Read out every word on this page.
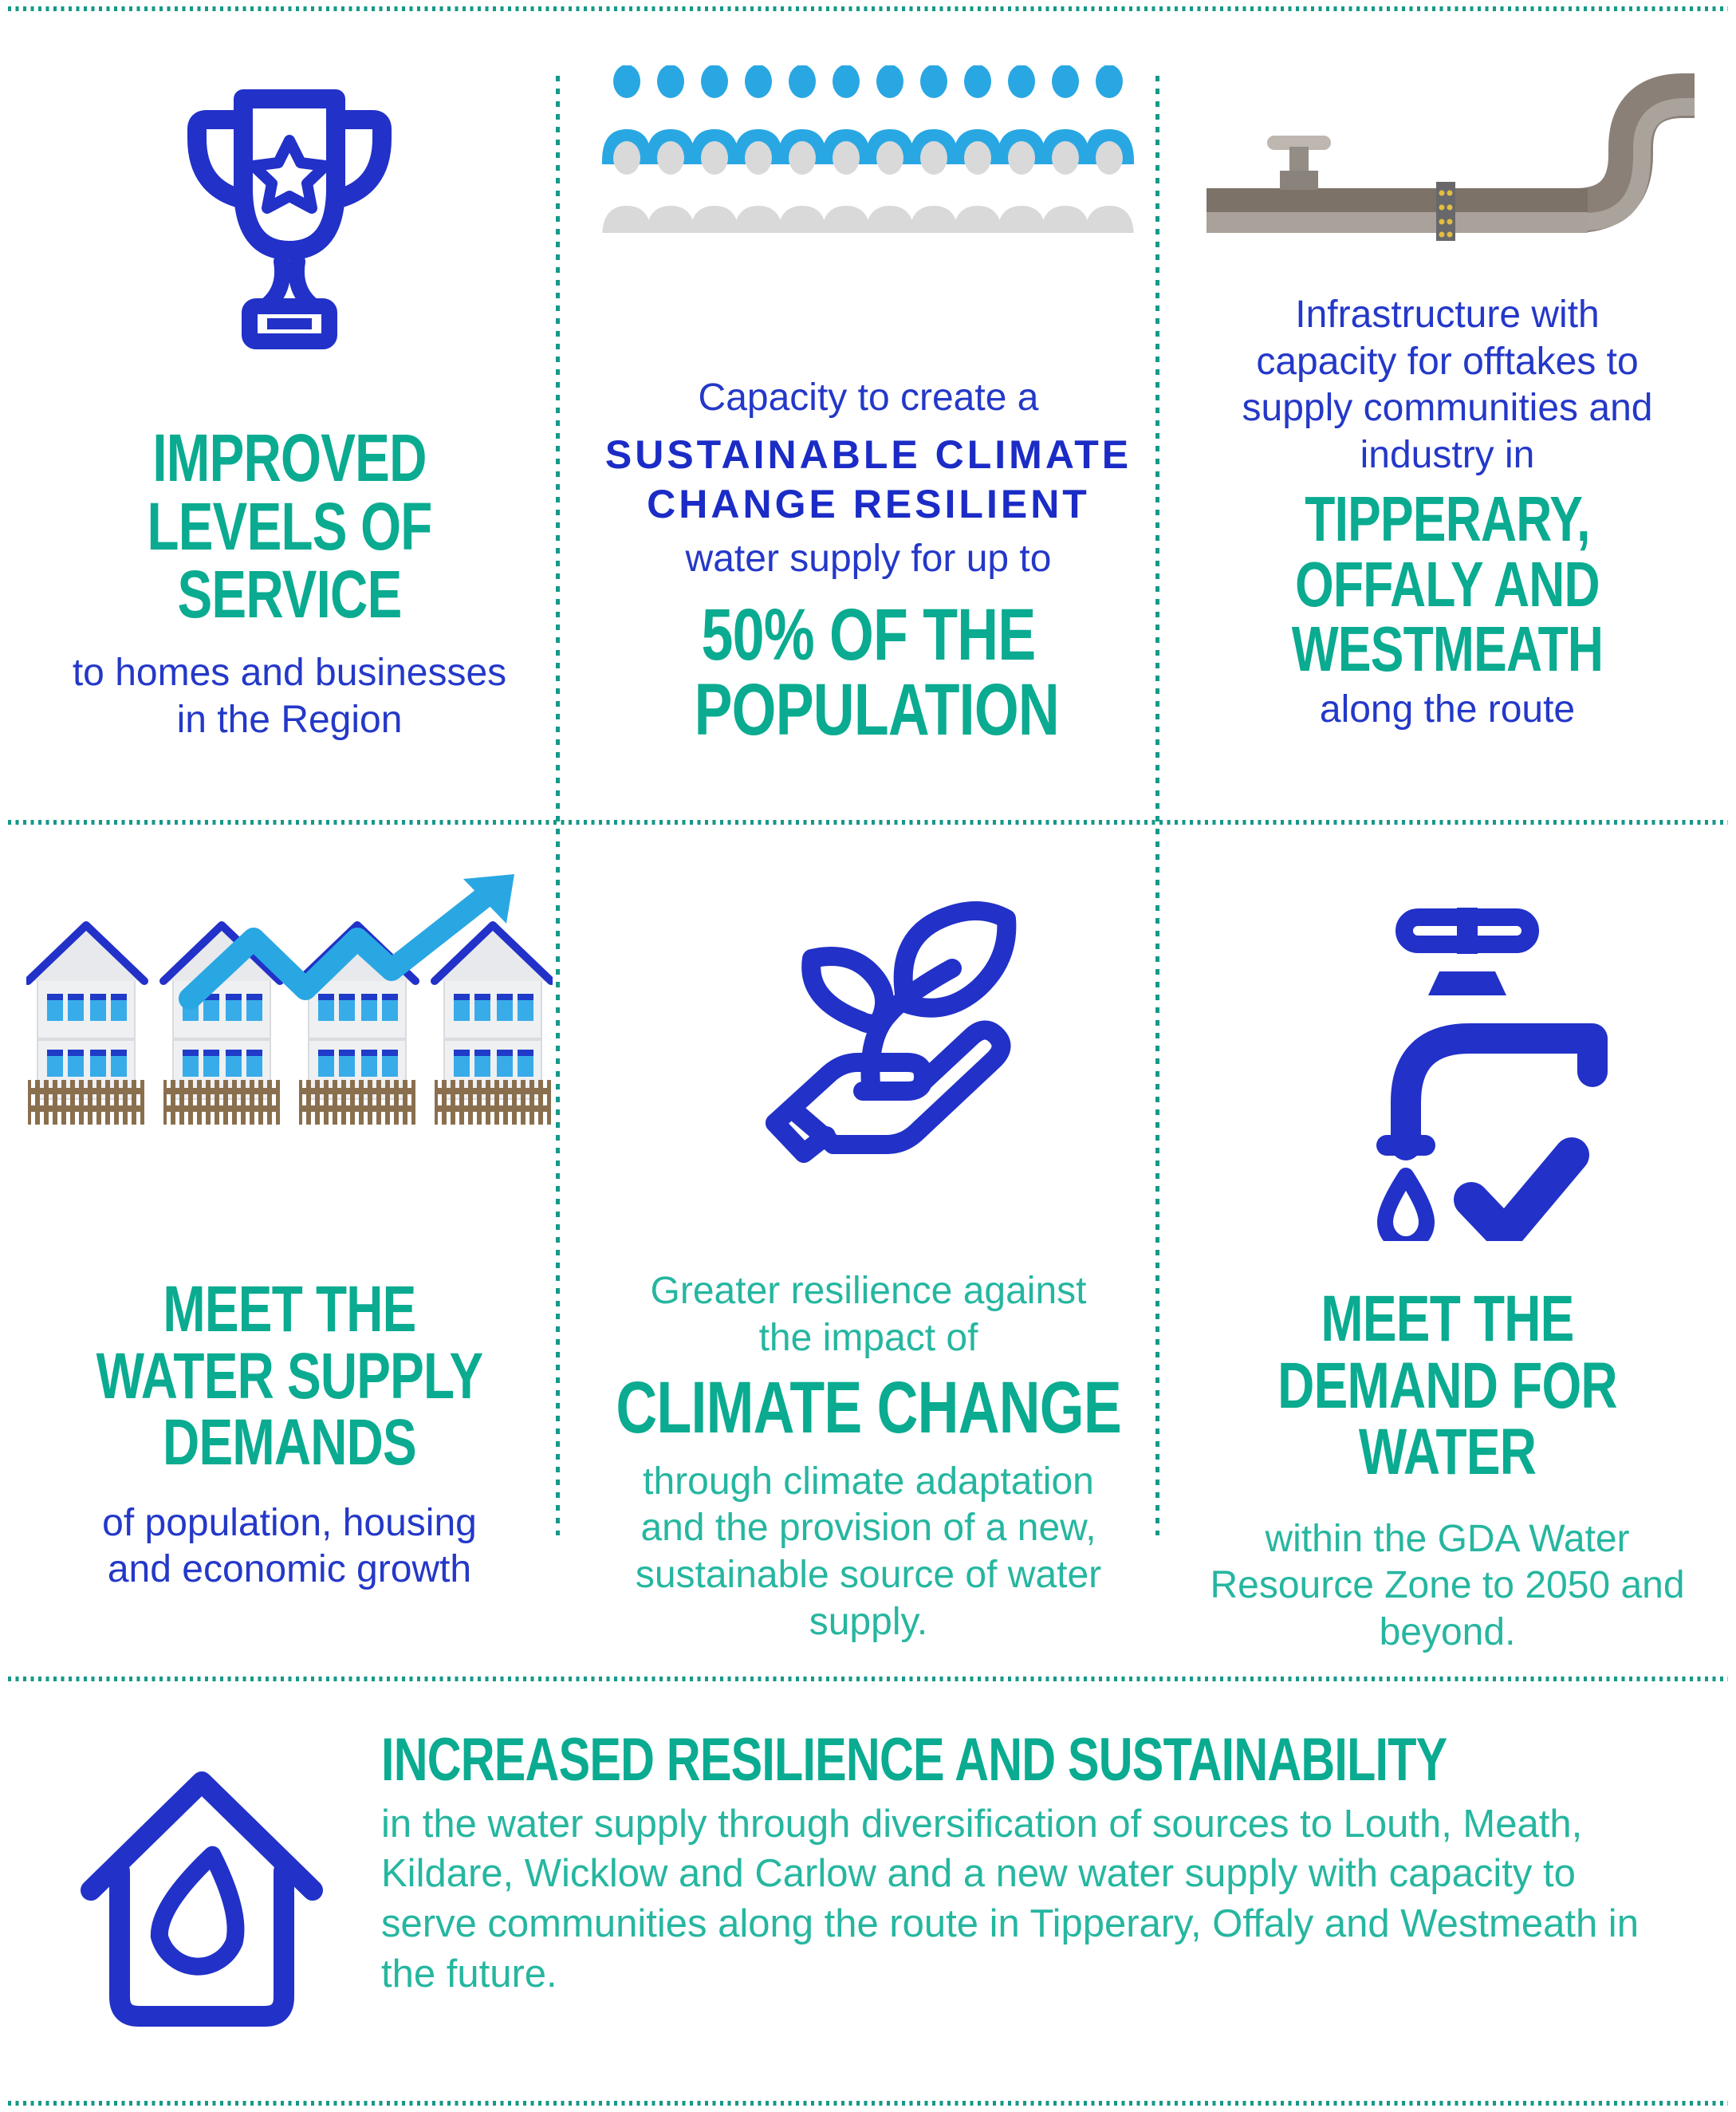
IMPROVED LEVELS OF SERVICE
to homes and businesses in the Region
Capacity to create a
SUSTAINABLE CLIMATE CHANGE RESILIENT
water supply for up to
50% OF THE POPULATION
Infrastructure with capacity for offtakes to supply communities and industry in
TIPPERARY, OFFALY AND WESTMEATH
along the route
MEET THE WATER SUPPLY DEMANDS
of population, housing and economic growth
Greater resilience against the impact of
CLIMATE CHANGE
through climate adaptation and the provision of a new, sustainable source of water supply.
MEET THE DEMAND FOR WATER
within the GDA Water Resource Zone to 2050 and beyond.
INCREASED RESILIENCE AND SUSTAINABILITY
in the water supply through diversification of sources to Louth, Meath, Kildare, Wicklow and Carlow and a new water supply with capacity to serve communities along the route in Tipperary, Offaly and Westmeath in the future.
